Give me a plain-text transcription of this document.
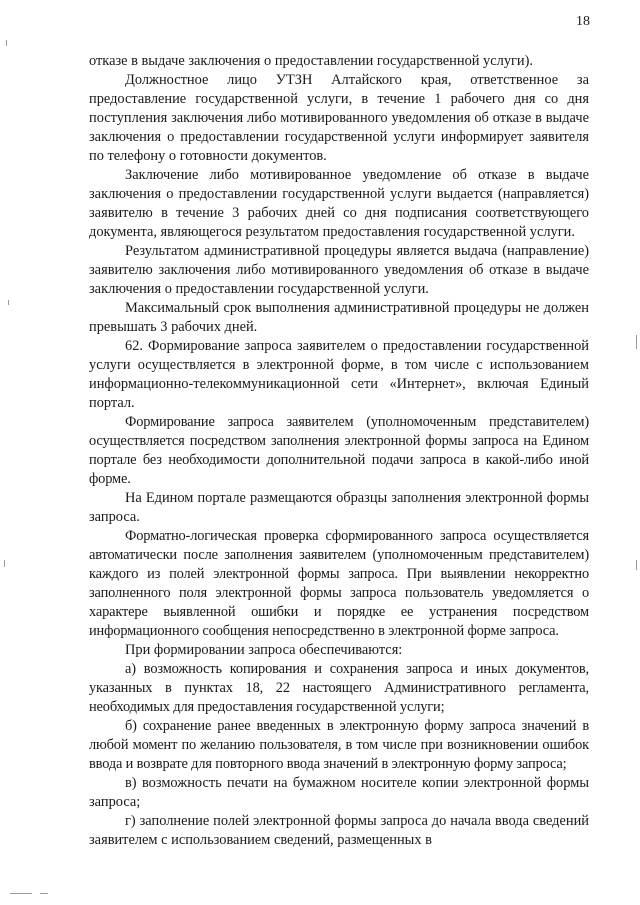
18

отказе в выдаче заключения о предоставлении государственной услуги).

Должностное лицо УТЗН Алтайского края, ответственное за предоставление государственной услуги, в течение 1 рабочего дня со дня поступления заключения либо мотивированного уведомления об отказе в выдаче заключения о предоставлении государственной услуги информирует заявителя по телефону о готовности документов.

Заключение либо мотивированное уведомление об отказе в выдаче заключения о предоставлении государственной услуги выдается (направляется) заявителю в течение 3 рабочих дней со дня подписания соответствующего документа, являющегося результатом предоставления государственной услуги.

Результатом административной процедуры является выдача (направление) заявителю заключения либо мотивированного уведомления об отказе в выдаче заключения о предоставлении государственной услуги.

Максимальный срок выполнения административной процедуры не должен превышать 3 рабочих дней.

62. Формирование запроса заявителем о предоставлении государственной услуги осуществляется в электронной форме, в том числе с использованием информационно-телекоммуникационной сети «Интернет», включая Единый портал.

Формирование запроса заявителем (уполномоченным представителем) осуществляется посредством заполнения электронной формы запроса на Едином портале без необходимости дополнительной подачи запроса в какой-либо иной форме.

На Едином портале размещаются образцы заполнения электронной формы запроса.

Форматно-логическая проверка сформированного запроса осуществляется автоматически после заполнения заявителем (уполномоченным представителем) каждого из полей электронной формы запроса. При выявлении некорректно заполненного поля электронной формы запроса пользователь уведомляется о характере выявленной ошибки и порядке ее устранения посредством информационного сообщения непосредственно в электронной форме запроса.

При формировании запроса обеспечиваются:

а) возможность копирования и сохранения запроса и иных документов, указанных в пунктах 18, 22 настоящего Административного регламента, необходимых для предоставления государственной услуги;

б) сохранение ранее введенных в электронную форму запроса значений в любой момент по желанию пользователя, в том числе при возникновении ошибок ввода и возврате для повторного ввода значений в электронную форму запроса;

в) возможность печати на бумажном носителе копии электронной формы запроса;

г) заполнение полей электронной формы запроса до начала ввода сведений заявителем с использованием сведений, размещенных в
